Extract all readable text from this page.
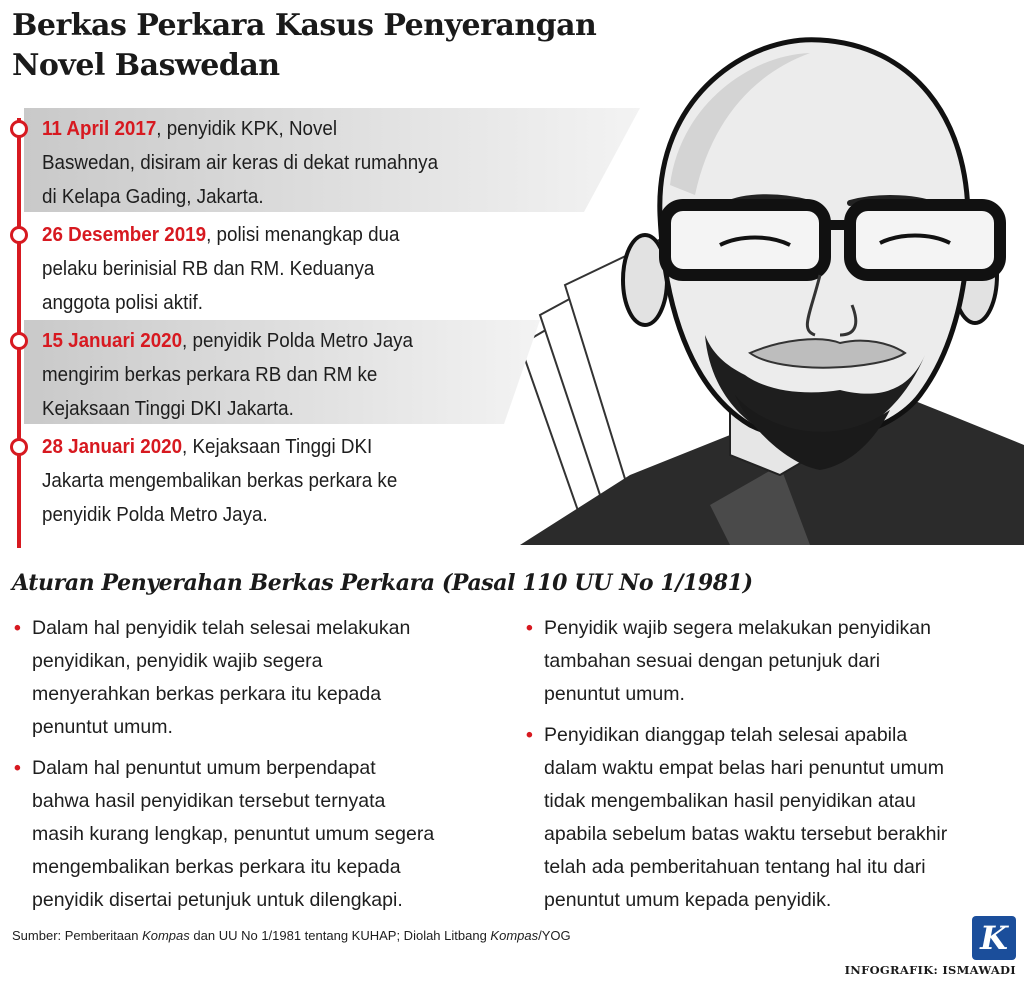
Berkas Perkara Kasus Penyerangan Novel Baswedan
11 April 2017, penyidik KPK, Novel
Baswedan, disiram air keras di dekat rumahnya
di Kelapa Gading, Jakarta.
26 Desember 2019, polisi menangkap dua
pelaku berinisial RB dan RM. Keduanya
anggota polisi aktif.
15 Januari 2020, penyidik Polda Metro Jaya
mengirim berkas perkara RB dan RM ke
Kejaksaan Tinggi DKI Jakarta.
28 Januari 2020, Kejaksaan Tinggi DKI
Jakarta mengembalikan berkas perkara ke
penyidik Polda Metro Jaya.
Aturan Penyerahan Berkas Perkara (Pasal 110 UU No 1/1981)
• Dalam hal penyidik telah selesai melakukan
penyidikan, penyidik wajib segera
menyerahkan berkas perkara itu kepada
penuntut umum.
• Dalam hal penuntut umum berpendapat
bahwa hasil penyidikan tersebut ternyata
masih kurang lengkap, penuntut umum segera
mengembalikan berkas perkara itu kepada
penyidik disertai petunjuk untuk dilengkapi.
• Penyidik wajib segera melakukan penyidikan
tambahan sesuai dengan petunjuk dari
penuntut umum.
• Penyidikan dianggap telah selesai apabila
dalam waktu empat belas hari penuntut umum
tidak mengembalikan hasil penyidikan atau
apabila sebelum batas waktu tersebut berakhir
telah ada pemberitahuan tentang hal itu dari
penuntut umum kepada penyidik.
Sumber: Pemberitaan Kompas dan UU No 1/1981 tentang KUHAP; Diolah Litbang Kompas/YOG	K
INFOGRAFIK: ISMAWADI
